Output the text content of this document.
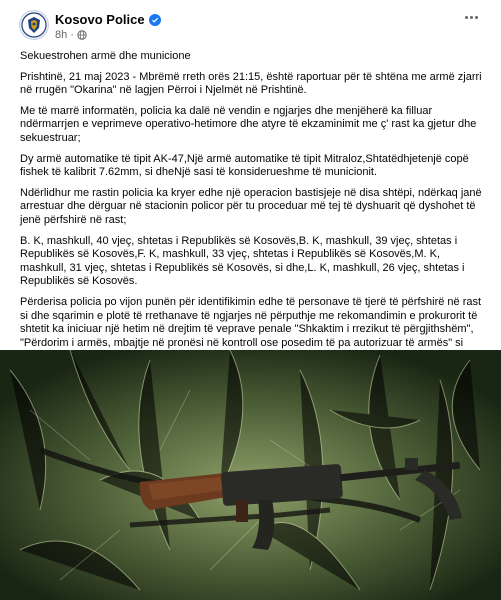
Kosovo Police
8h ·

Sekuestrohen armë dhe municione

Prishtinë, 21 maj 2023 - Mbrëmë rreth orës 21:15, është raportuar për të shtëna me armë zjarri në rrugën "Okarina" në lagjen Përroi i Njelmët në Prishtinë.

Me të marrë informatën, policia ka dalë në vendin e ngjarjes dhe menjëherë ka filluar ndërmarrjen e veprimeve operativo-hetimore dhe atyre të ekzaminimit me ç' rast ka gjetur dhe sekuestruar;

Dy armë automatike të tipit AK-47,Një armë automatike të tipit Mitraloz,Shtatëdhjetenjë copë fishek të kalibrit 7.62mm, si dheNjë sasi të konsiderueshme të municionit.

Ndërlidhur me rastin policia ka kryer edhe një operacion bastisjeje në disa shtëpi, ndërkaq janë arrestuar dhe dërguar në stacionin policor për tu proceduar më tej të dyshuarit që dyshohet të jenë përfshirë në rast;

B. K, mashkull, 40 vjeç, shtetas i Republikës së Kosovës,B. K, mashkull, 39 vjeç, shtetas i Republikës së Kosovës,F. K, mashkull, 33 vjeç, shtetas i Republikës së Kosovës,M. K, mashkull, 31 vjeç, shtetas i Republikës së Kosovës, si dhe,L. K, mashkull, 26 vjeç, shtetas i Republikës së Kosovës.

Përderisa policia po vijon punën për identifikimin edhe të personave të tjerë të përfshirë në rast si dhe sqarimin e plotë të rrethanave të ngjarjes në përputhje me rekomandimin e prokurorit të shtetit ka iniciuar një hetim në drejtim të veprave penale "Shkaktim i rrezikut të përgjithshëm", "Përdorim i armës, mbajtje në pronësi në kontroll ose posedim të pa autorizuar të armës" si
